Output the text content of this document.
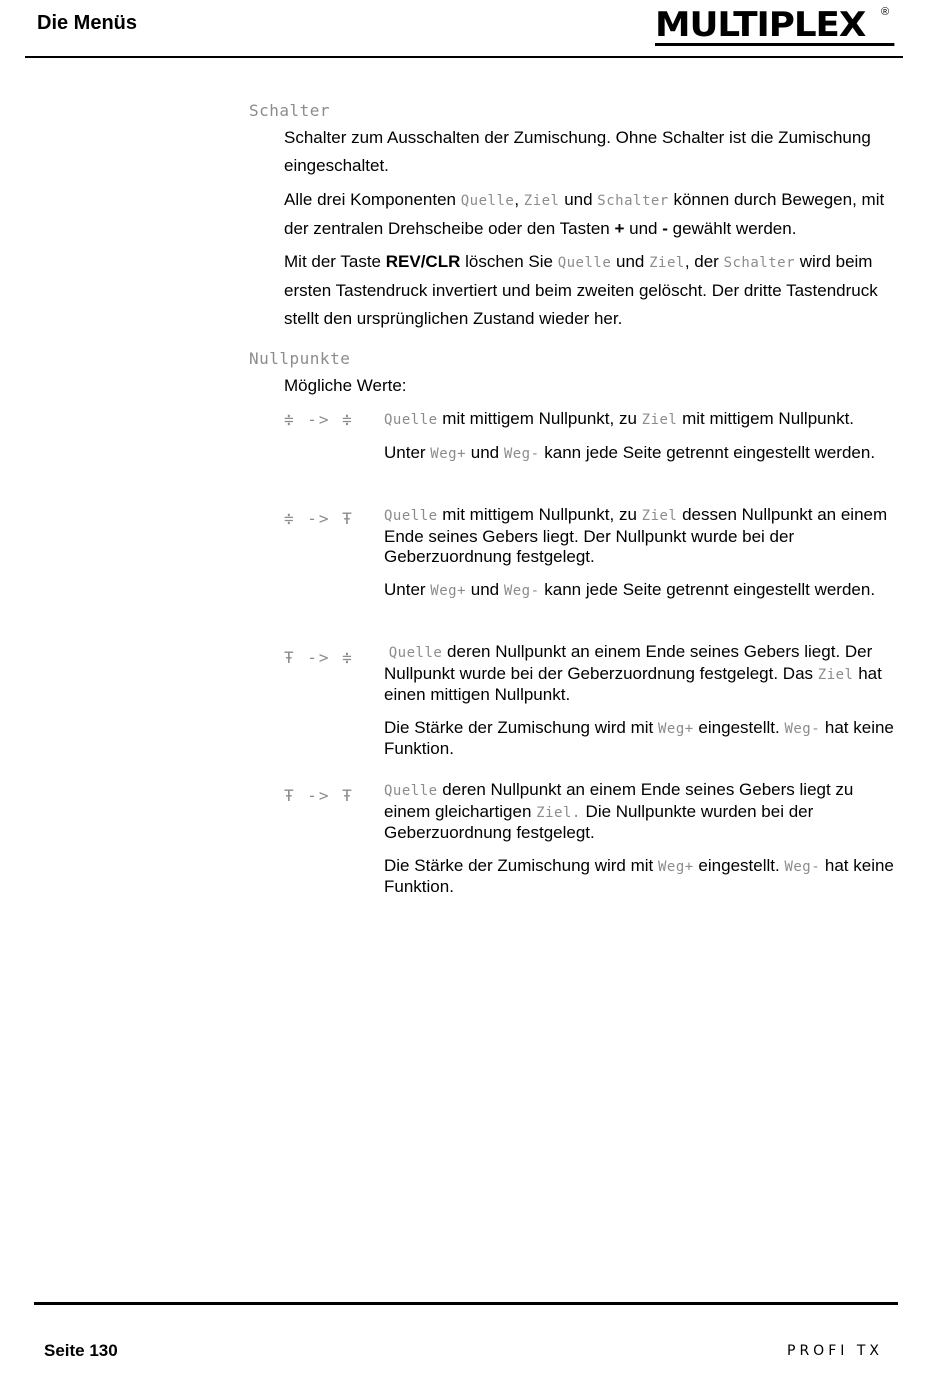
Die Menüs	MULTIPLEX	®
Schalter
Schalter zum Ausschalten der Zumischung. Ohne Schalter ist die Zumischung eingeschaltet.
Alle drei Komponenten Quelle, Ziel und Schalter können durch Bewegen, mit der zentralen Drehscheibe oder den Tasten + und - gewählt werden.
Mit der Taste REV/CLR löschen Sie Quelle und Ziel, der Schalter wird beim ersten Tastendruck invertiert und beim zweiten gelöscht. Der dritte Tastendruck stellt den ursprünglichen Zustand wieder her.
Nullpunkte
Mögliche Werte:
≑ -> ≑ Quelle mit mittigem Nullpunkt, zu Ziel mit mittigem Nullpunkt.

Unter Weg+ und Weg- kann jede Seite getrennt eingestellt werden.

≑ -> Ŧ Quelle mit mittigem Nullpunkt, zu Ziel dessen Nullpunkt an einem Ende seines Gebers liegt. Der Nullpunkt wurde bei der Geberzuordnung festgelegt.

Unter Weg+ und Weg- kann jede Seite getrennt eingestellt werden.

Ŧ -> ≑	Quelle deren Nullpunkt an einem Ende seines Gebers liegt. Der Nullpunkt wurde bei der Geberzuordnung festgelegt. Das Ziel hat einen mittigen Nullpunkt.

Die Stärke der Zumischung wird mit Weg+ eingestellt. Weg- hat keine Funktion.

Ŧ -> Ŧ Quelle deren Nullpunkt an einem Ende seines Gebers liegt zu einem gleichartigen Ziel. Die Nullpunkte wurden bei der Geberzuordnung festgelegt.

Die Stärke der Zumischung wird mit Weg+ eingestellt. Weg- hat keine Funktion.

Seite 130	PROFI TX
